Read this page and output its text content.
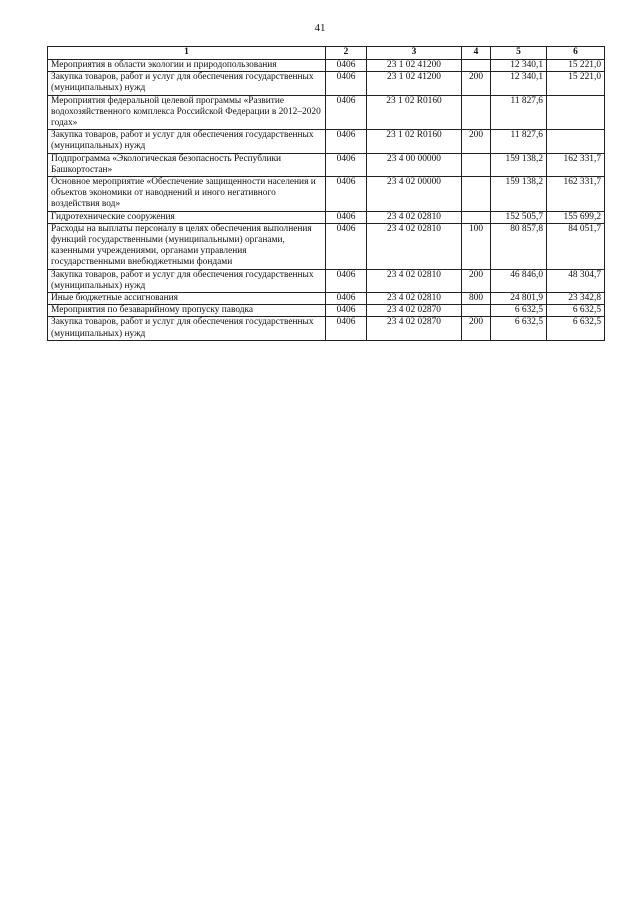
41
1	2	3	4	5	6
Мероприятия в области экологии и природопользования	0406	23 1 02 41200		12 340,1	15 221,0
Закупка товаров, работ и услуг для обеспечения государственных (муниципальных) нужд	0406	23 1 02 41200	200	12 340,1	15 221,0
Мероприятия федеральной целевой программы «Развитие водохозяйственного комплекса Российской Федерации в 2012–2020 годах»	0406	23 1 02 R0160		11 827,6	
Закупка товаров, работ и услуг для обеспечения государственных (муниципальных) нужд	0406	23 1 02 R0160	200	11 827,6	
Подпрограмма «Экологическая безопасность Республики Башкортостан»	0406	23 4 00 00000		159 138,2	162 331,7
Основное мероприятие «Обеспечение защищенности населения и объектов экономики от наводнений и иного негативного воздействия вод»	0406	23 4 02 00000		159 138,2	162 331,7
Гидротехнические сооружения	0406	23 4 02 02810		152 505,7	155 699,2
Расходы на выплаты персоналу в целях обеспечения выполнения функций государственными (муниципальными) органами, казенными учреждениями, органами управления государственными внебюджетными фондами	0406	23 4 02 02810	100	80 857,8	84 051,7
Закупка товаров, работ и услуг для обеспечения государственных (муниципальных) нужд	0406	23 4 02 02810	200	46 846,0	48 304,7
Иные бюджетные ассигнования	0406	23 4 02 02810	800	24 801,9	23 342,8
Мероприятия по безаварийному пропуску паводка	0406	23 4 02 02870		6 632,5	6 632,5
Закупка товаров, работ и услуг для обеспечения государственных (муниципальных) нужд	0406	23 4 02 02870	200	6 632,5	6 632,5
